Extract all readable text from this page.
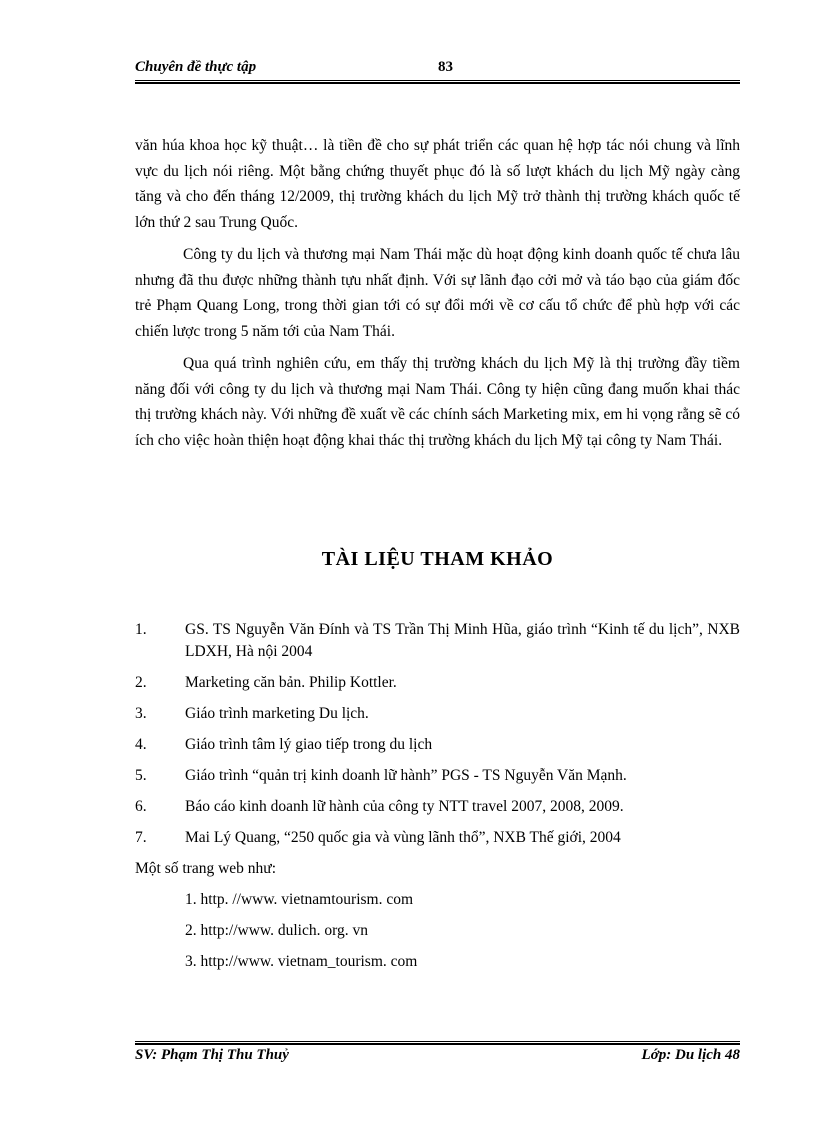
Chuyên đề thực tập	83

văn húa khoa học kỹ thuật… là tiền đề cho sự phát triển các quan hệ hợp tác nói chung và lĩnh vực du lịch nói riêng. Một bằng chứng thuyết phục đó là số lượt khách du lịch Mỹ ngày càng tăng và cho đến tháng 12/2009, thị trường khách du lịch Mỹ trở thành thị trường khách quốc tế lớn thứ 2 sau Trung Quốc.

Công ty du lịch và thương mại Nam Thái mặc dù hoạt động kinh doanh quốc tế chưa lâu nhưng đã thu được những thành tựu nhất định. Với sự lãnh đạo cởi mở và táo bạo của giám đốc trẻ Phạm Quang Long, trong thời gian tới có sự đổi mới về cơ cấu tổ chức để phù hợp với các chiến lược trong 5 năm tới của Nam Thái.

Qua quá trình nghiên cứu, em thấy thị trường khách du lịch Mỹ là thị trường đầy tiềm năng đối với công ty du lịch và thương mại Nam Thái. Công ty hiện cũng đang muốn khai thác thị trường khách này. Với những đề xuất về các chính sách Marketing mix, em hi vọng rằng sẽ có ích cho việc hoàn thiện hoạt động khai thác thị trường khách du lịch Mỹ tại công ty Nam Thái.

TÀI LIỆU THAM KHẢO
1.	GS. TS Nguyễn Văn Đính và TS Trần Thị Minh Hũa, giáo trình “Kinh tế du lịch”, NXB LDXH, Hà nội 2004
2.	Marketing căn bản. Philip Kottler.
3.	Giáo trình marketing Du lịch.
4.	Giáo trình tâm lý giao tiếp trong du lịch
5.	Giáo trình “quản trị kinh doanh lữ hành” PGS - TS Nguyễn Văn Mạnh.
6.	Báo cáo kinh doanh lữ hành của công ty NTT travel 2007, 2008, 2009.
7.	Mai Lý Quang, “250 quốc gia và vùng lãnh thổ”, NXB Thế giới, 2004
Một số trang web như:
1. http. //www. vietnamtourism. com
2. http://www. dulich. org. vn
3. http://www. vietnam_tourism. com
SV: Phạm Thị Thu Thuỷ	Lớp: Du lịch 48
